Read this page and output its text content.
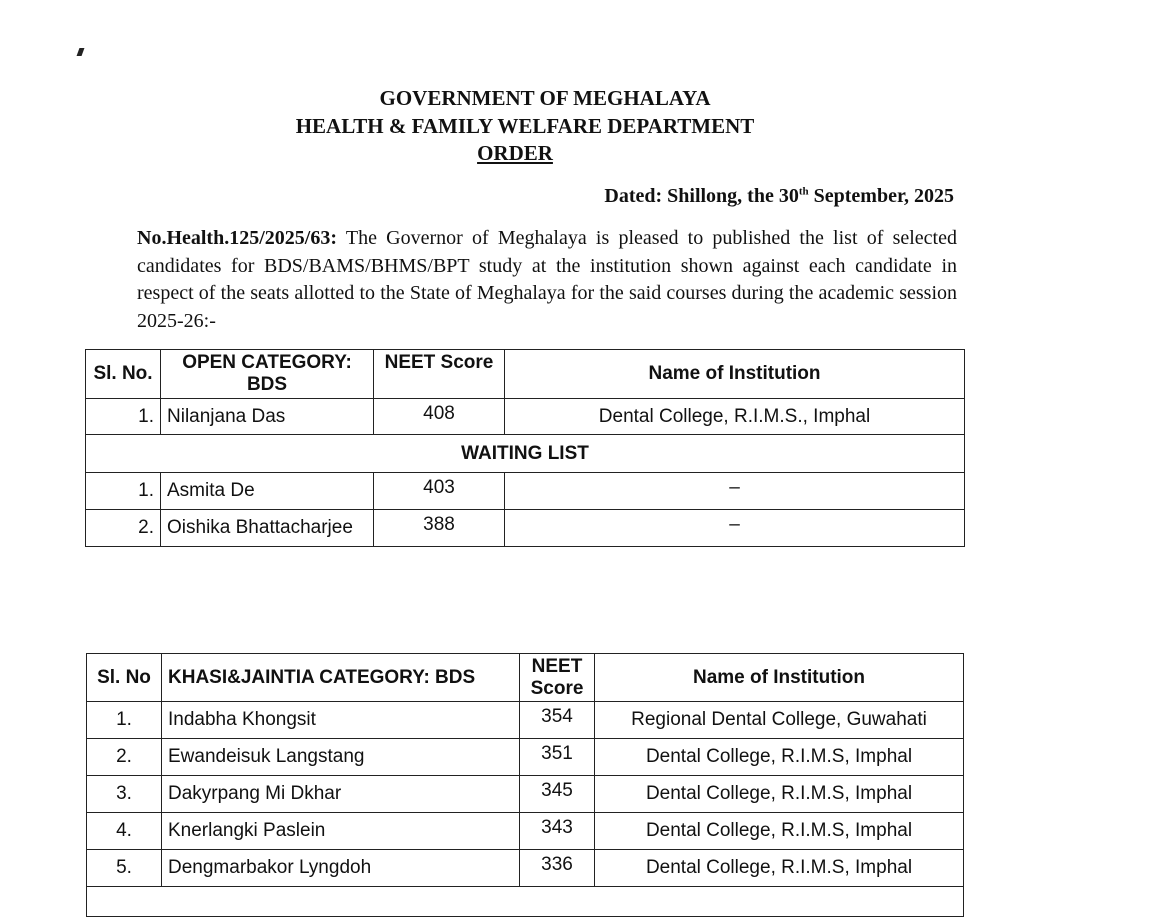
GOVERNMENT OF MEGHALAYA
HEALTH & FAMILY WELFARE DEPARTMENT
ORDER
Dated: Shillong, the 30th September, 2025
No.Health.125/2025/63: The Governor of Meghalaya is pleased to published the list of selected candidates for BDS/BAMS/BHMS/BPT study at the institution shown against each candidate in respect of the seats allotted to the State of Meghalaya for the said courses during the academic session 2025-26:-
Sl. No.	OPEN CATEGORY: BDS	NEET Score	Name of Institution
1.	Nilanjana Das	408	Dental College, R.I.M.S., Imphal
WAITING LIST			
1.	Asmita De	403	–
2.	Oishika Bhattacharjee	388	–
Sl. No	KHASI&JAINTIA CATEGORY: BDS	NEET Score	Name of Institution
1.	Indabha Khongsit	354	Regional Dental College, Guwahati
2.	Ewandeisuk Langstang	351	Dental College, R.I.M.S, Imphal
3.	Dakyrpang Mi Dkhar	345	Dental College, R.I.M.S, Imphal
4.	Knerlangki Paslein	343	Dental College, R.I.M.S, Imphal
5.	Dengmarbakor Lyngdoh	336	Dental College, R.I.M.S, Imphal
